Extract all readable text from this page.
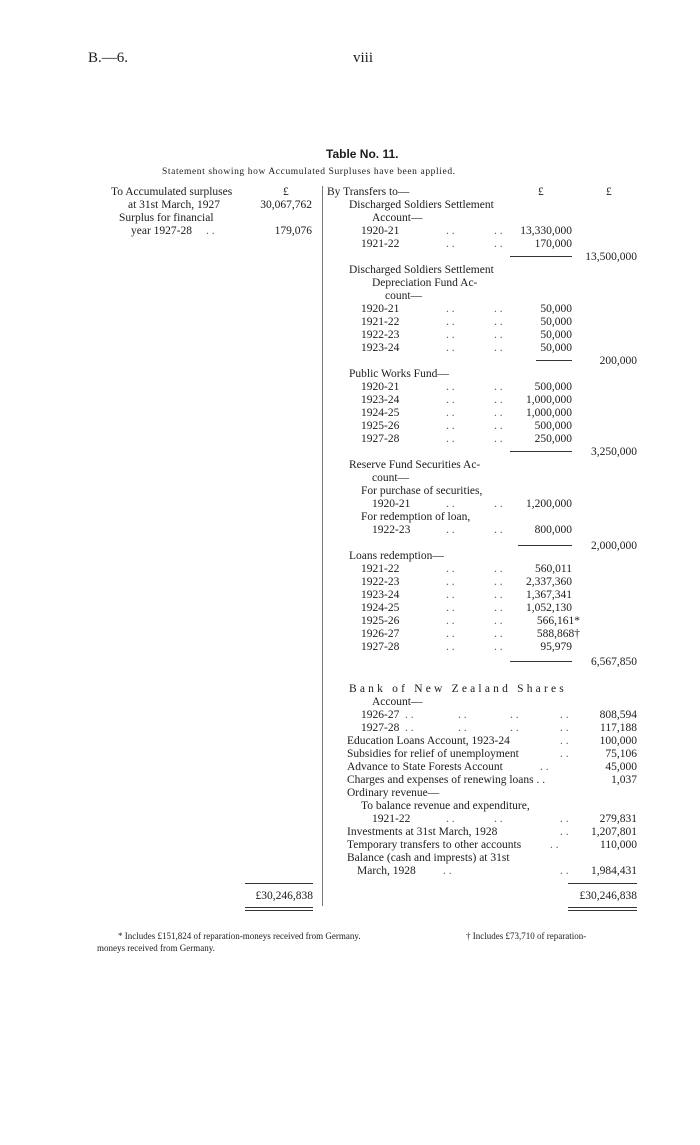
B.—6.	viii
Table No. 11.
Statement showing how Accumulated Surpluses have been applied.
To Accumulated surpluses	£
at 31st March, 1927	30,067,762
Surplus for financial
year 1927-28 . .	179,076
By Transfers to—	£	£
Discharged Soldiers Settlement
Account—
1920-21	. .	. .	13,330,000
1921-22	. .	. .	170,000
13,500,000
Discharged Soldiers Settlement
Depreciation Fund Ac-
count—
1920-21	. .	. .	50,000
1921-22	. .	. .	50,000
1922-23	. .	. .	50,000
1923-24	. .	. .	50,000
200,000
Public Works Fund—
1920-21	. .	. .	500,000
1923-24	. .	. .	1,000,000
1924-25	. .	. .	1,000,000
1925-26	. .	. .	500,000
1927-28	. .	. .	250,000
3,250,000
Reserve Fund Securities Ac-
count—
For purchase of securities,
1920-21	. .	. .	1,200,000
For redemption of loan,
1922-23	. .	. .	800,000
2,000,000
Loans redemption—
1921-22	. .	. .	560,011
1922-23	. .	. .	2,337,360
1923-24	. .	. .	1,367,341
1924-25	. .	. .	1,052,130
1925-26	. .	. .	566,161*
1926-27	. .	. .	588,868†
1927-28	. .	. .	95,979
6,567,850
Bank of New Zealand Shares
Account—
1926-27 . .	. .	. .	. .	808,594
1927-28 . .	. .	. .	. .	117,188
Education Loans Account, 1923-24	. .	100,000
Subsidies for relief of unemployment	. .	75,106
Advance to State Forests Account	. .	45,000
Charges and expenses of renewing loans . .	1,037
Ordinary revenue—
To balance revenue and expenditure,
1921-22	. .	. .	. .	279,831
Investments at 31st March, 1928	. .	1,207,801
Temporary transfers to other accounts	. .	110,000
Balance (cash and imprests) at 31st
March, 1928 . .	. .	1,984,431
£30,246,838	£30,246,838
* Includes £151,824 of reparation-moneys received from Germany.
moneys received from Germany.
† Includes £73,710 of reparation-
